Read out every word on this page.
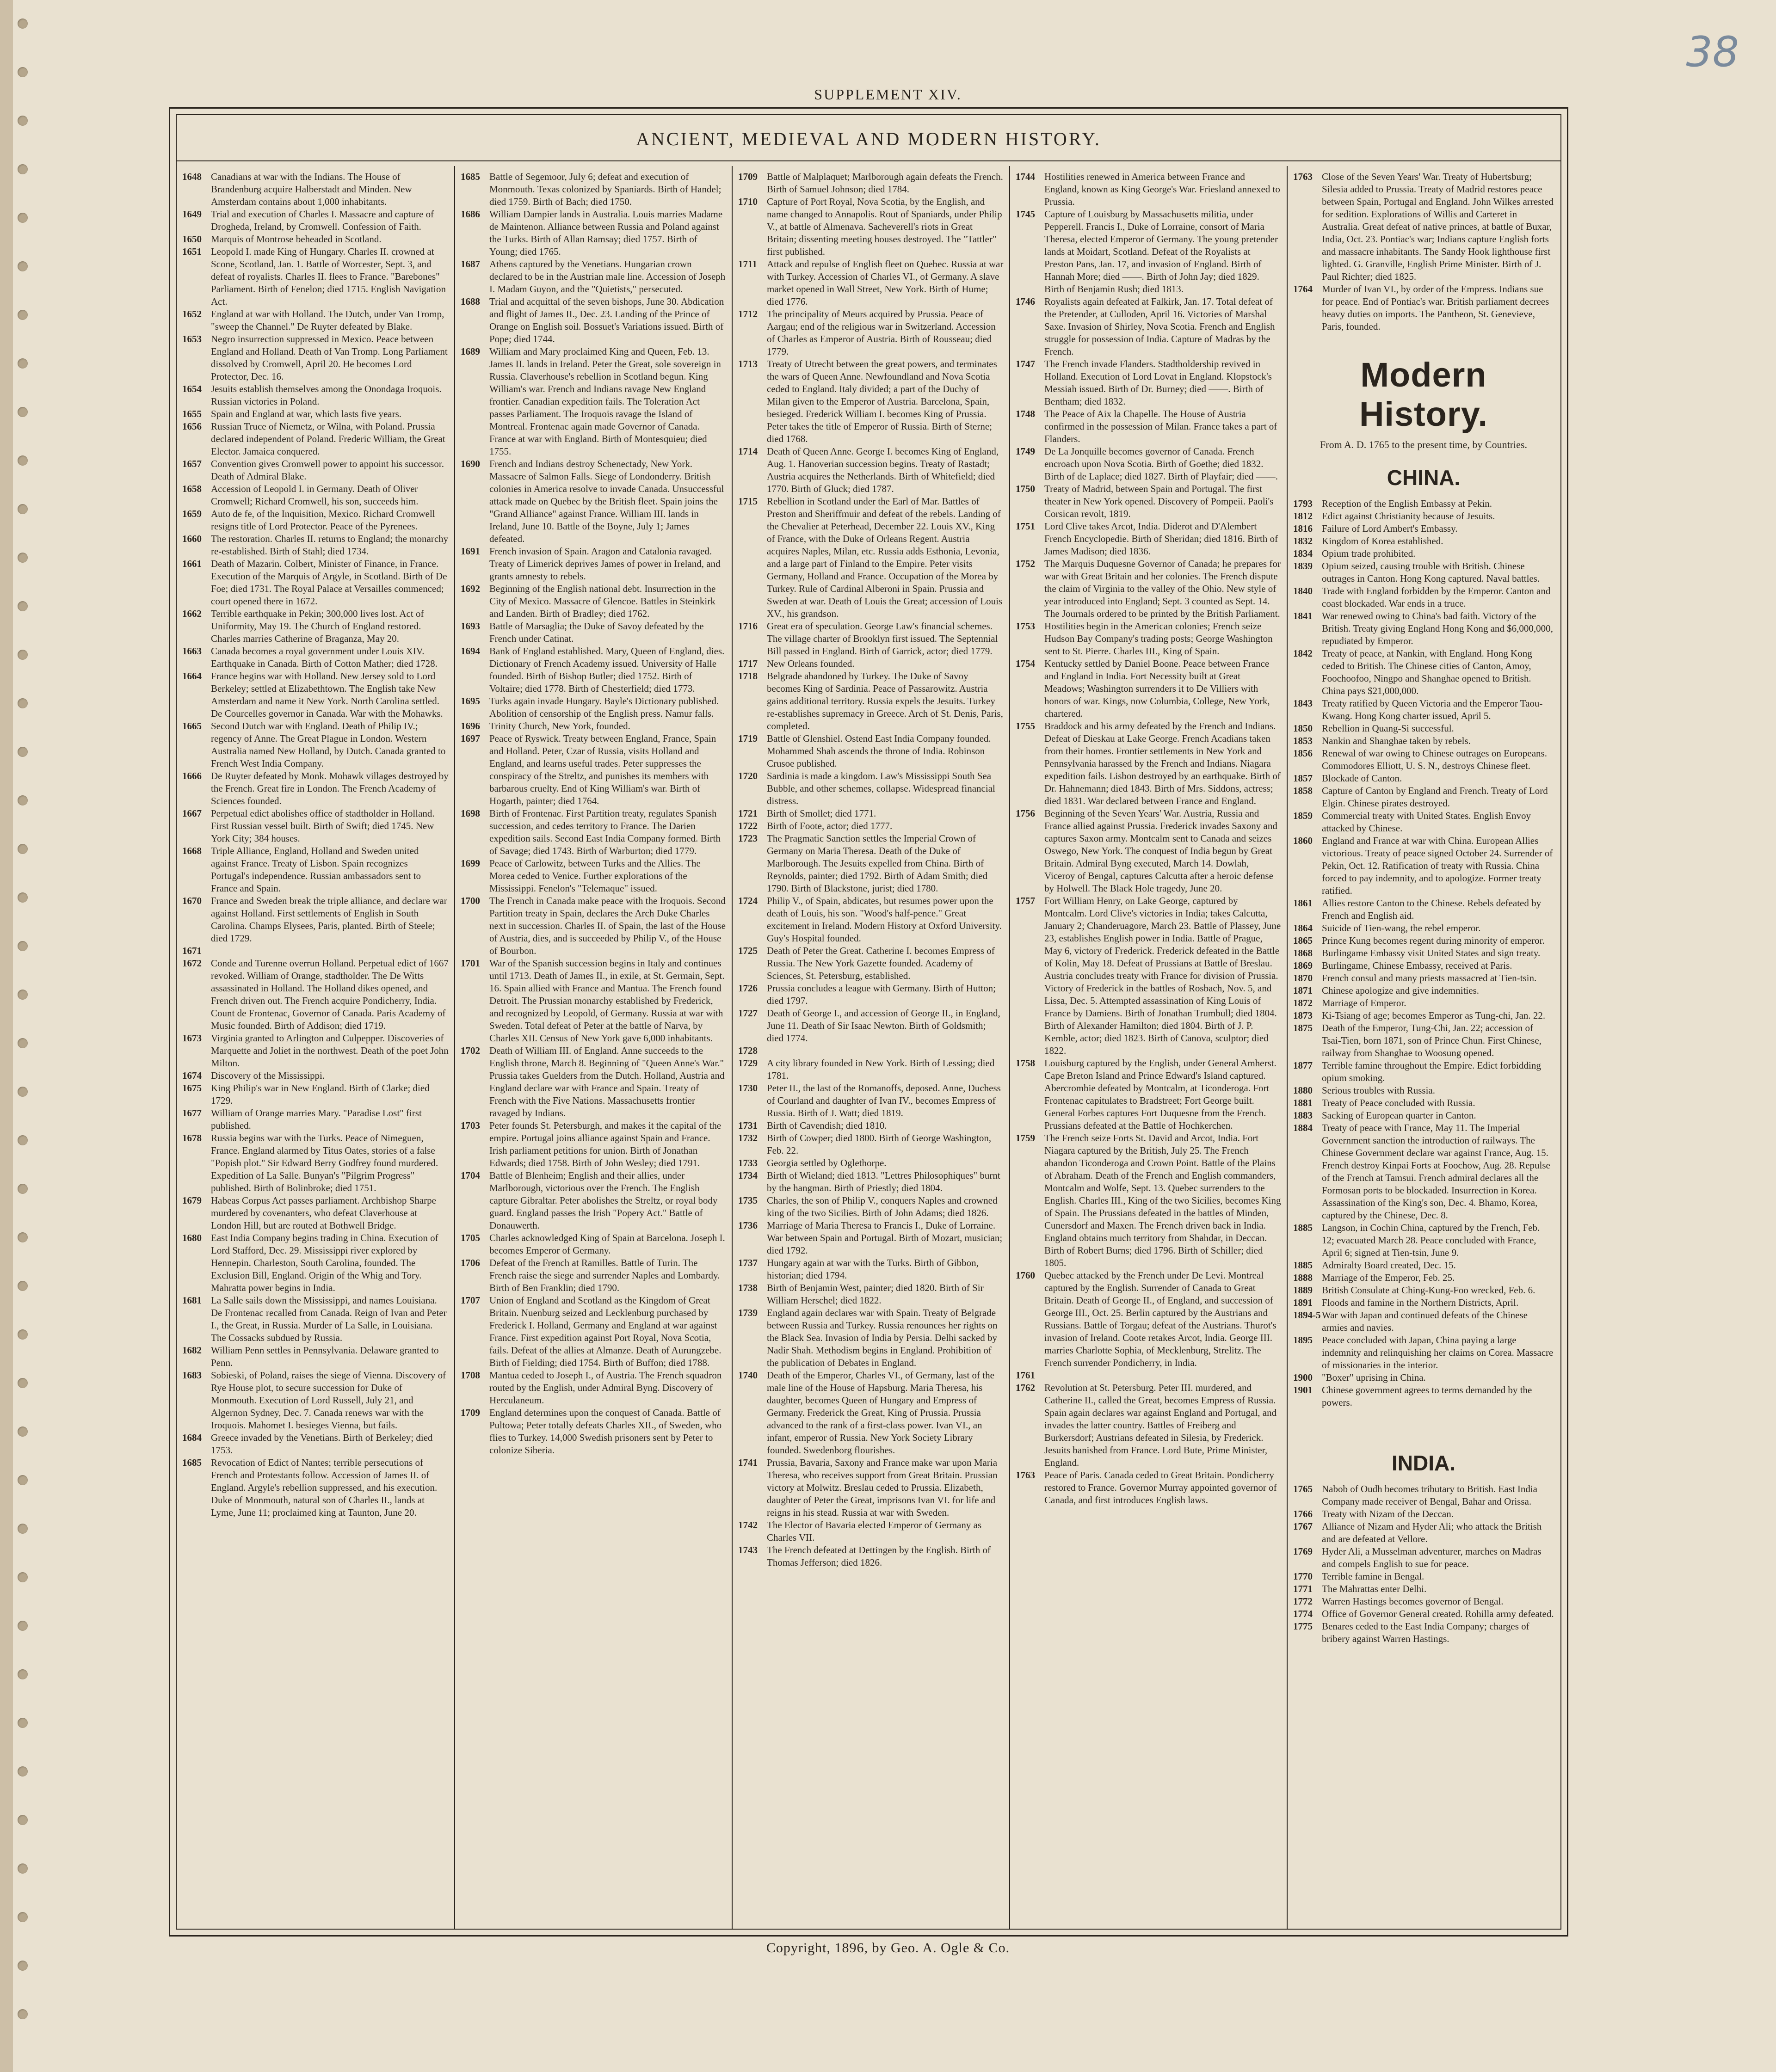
38
SUPPLEMENT XIV.
ANCIENT, MEDIEVAL AND MODERN HISTORY.
1648 Canadians at war with the Indians. The House of Brandenburg acquire Halberstadt and Minden. New Amsterdam contains about 1,000 inhabitants.
1649 Trial and execution of Charles I. Massacre and capture of Drogheda, Ireland, by Cromwell. Confession of Faith.
1650 Marquis of Montrose beheaded in Scotland.
1651 Leopold I. made King of Hungary. Charles II. crowned at Scone, Scotland, Jan. 1. Battle of Worcester, Sept. 3, and defeat of royalists. Charles II. flees to France. "Barebones" Parliament. Birth of Fenelon; died 1715. English Navigation Act.
1652 England at war with Holland. The Dutch, under Van Tromp, "sweep the Channel." De Ruyter defeated by Blake.
1653 Negro insurrection suppressed in Mexico. Peace between England and Holland. Death of Van Tromp. Long Parliament dissolved by Cromwell, April 20. He becomes Lord Protector, Dec. 16.
1654 Jesuits establish themselves among the Onondaga Iroquois. Russian victories in Poland.
1655 Spain and England at war, which lasts five years.
1656 Russian Truce of Niemetz, or Wilna, with Poland. Prussia declared independent of Poland. Frederic William, the Great Elector. Jamaica conquered.
1657 Convention gives Cromwell power to appoint his successor. Death of Admiral Blake.
1658 Accession of Leopold I. in Germany. Death of Oliver Cromwell; Richard Cromwell, his son, succeeds him.
1659 Auto de fe, of the Inquisition, Mexico. Richard Cromwell resigns title of Lord Protector. Peace of the Pyrenees.
1660 The restoration. Charles II. returns to England; the monarchy re-established. Birth of Stahl; died 1734.
1661 Death of Mazarin. Colbert, Minister of Finance, in France. Execution of the Marquis of Argyle, in Scotland. Birth of De Foe; died 1731. The Royal Palace at Versailles commenced; court opened there in 1672.
1662 Terrible earthquake in Pekin; 300,000 lives lost. Act of Uniformity, May 19. The Church of England restored. Charles marries Catherine of Braganza, May 20.
1663 Canada becomes a royal government under Louis XIV. Earthquake in Canada. Birth of Cotton Mather; died 1728.
1664 France begins war with Holland. New Jersey sold to Lord Berkeley; settled at Elizabethtown. The English take New Amsterdam and name it New York. North Carolina settled. De Courcelles governor in Canada. War with the Mohawks.
1665 Second Dutch war with England. Death of Philip IV.; regency of Anne. The Great Plague in London. Western Australia named New Holland, by Dutch. Canada granted to French West India Company.
1666 De Ruyter defeated by Monk. Mohawk villages destroyed by the French. Great fire in London. The French Academy of Sciences founded.
1667 Perpetual edict abolishes office of stadtholder in Holland. First Russian vessel built. Birth of Swift; died 1745. New York City; 384 houses.
1668 Triple Alliance, England, Holland and Sweden united against France. Treaty of Lisbon. Spain recognizes Portugal's independence. Russian ambassadors sent to France and Spain.
1670 France and Sweden break the triple alliance, and declare war against Holland. First settlements of English in South Carolina. Champs Elysees, Paris, planted. Birth of Steele; died 1729.
1671
1672 Conde and Turenne overrun Holland. Perpetual edict of 1667 revoked. William of Orange, stadtholder. The De Witts assassinated in Holland. The Holland dikes opened, and French driven out. The French acquire Pondicherry, India. Count de Frontenac, Governor of Canada. Paris Academy of Music founded. Birth of Addison; died 1719.
1673 Virginia granted to Arlington and Culpepper. Discoveries of Marquette and Joliet in the northwest. Death of the poet John Milton.
1674 Discovery of the Mississippi.
1675 King Philip's war in New England. Birth of Clarke; died 1729.
1677 William of Orange marries Mary. "Paradise Lost" first published.
1678 Russia begins war with the Turks. Peace of Nimeguen, France. England alarmed by Titus Oates, stories of a false "Popish plot." Sir Edward Berry Godfrey found murdered. Expedition of La Salle. Bunyan's "Pilgrim Progress" published. Birth of Bolinbroke; died 1751.
1679 Habeas Corpus Act passes parliament. Archbishop Sharpe murdered by covenanters, who defeat Claverhouse at London Hill, but are routed at Bothwell Bridge.
1680 East India Company begins trading in China. Execution of Lord Stafford, Dec. 29. Mississippi river explored by Hennepin. Charleston, South Carolina, founded. The Exclusion Bill, England. Origin of the Whig and Tory. Mahratta power begins in India.
1681 La Salle sails down the Mississippi, and names Louisiana. De Frontenac recalled from Canada. Reign of Ivan and Peter I., the Great, in Russia. Murder of La Salle, in Louisiana. The Cossacks subdued by Russia.
1682 William Penn settles in Pennsylvania. Delaware granted to Penn.
1683 Sobieski, of Poland, raises the siege of Vienna. Discovery of Rye House plot, to secure succession for Duke of Monmouth. Execution of Lord Russell, July 21, and Algernon Sydney, Dec. 7. Canada renews war with the Iroquois. Mahomet I. besieges Vienna, but fails.
1684 Greece invaded by the Venetians. Birth of Berkeley; died 1753.
1685 Revocation of Edict of Nantes; terrible persecutions of French and Protestants follow. Accession of James II. of England. Argyle's rebellion suppressed, and his execution. Duke of Monmouth, natural son of Charles II., lands at Lyme, June 11; proclaimed king at Taunton, June 20.
1685 Battle of Segemoor, July 6; defeat and execution of Monmouth. Texas colonized by Spaniards. Birth of Handel; died 1759. Birth of Bach; died 1750.
1686 William Dampier lands in Australia. Louis marries Madame de Maintenon. Alliance between Russia and Poland against the Turks. Birth of Allan Ramsay; died 1757. Birth of Young; died 1765.
1687 Athens captured by the Venetians. Hungarian crown declared to be in the Austrian male line. Accession of Joseph I. Madam Guyon, and the "Quietists," persecuted.
1688 Trial and acquittal of the seven bishops, June 30. Abdication and flight of James II., Dec. 23. Landing of the Prince of Orange on English soil. Bossuet's Variations issued. Birth of Pope; died 1744.
1689 William and Mary proclaimed King and Queen, Feb. 13. James II. lands in Ireland. Peter the Great, sole sovereign in Russia. Claverhouse's rebellion in Scotland begun. King William's war. French and Indians ravage New England frontier. Canadian expedition fails. The Toleration Act passes Parliament. The Iroquois ravage the Island of Montreal. Frontenac again made Governor of Canada. France at war with England. Birth of Montesquieu; died 1755.
1690 French and Indians destroy Schenectady, New York. Massacre of Salmon Falls. Siege of Londonderry. British colonies in America resolve to invade Canada. Unsuccessful attack made on Quebec by the British fleet. Spain joins the "Grand Alliance" against France. William III. lands in Ireland, June 10. Battle of the Boyne, July 1; James defeated.
1691 French invasion of Spain. Aragon and Catalonia ravaged. Treaty of Limerick deprives James of power in Ireland, and grants amnesty to rebels.
1692 Beginning of the English national debt. Insurrection in the City of Mexico. Massacre of Glencoe. Battles in Steinkirk and Landen. Birth of Bradley; died 1762.
1693 Battle of Marsaglia; the Duke of Savoy defeated by the French under Catinat.
1694 Bank of England established. Mary, Queen of England, dies. Dictionary of French Academy issued. University of Halle founded. Birth of Bishop Butler; died 1752. Birth of Voltaire; died 1778. Birth of Chesterfield; died 1773.
1695 Turks again invade Hungary. Bayle's Dictionary published. Abolition of censorship of the English press. Namur falls.
1696 Trinity Church, New York, founded.
1697 Peace of Ryswick. Treaty between England, France, Spain and Holland. Peter, Czar of Russia, visits Holland and England, and learns useful trades. Peter suppresses the conspiracy of the Streltz, and punishes its members with barbarous cruelty. End of King William's war. Birth of Hogarth, painter; died 1764.
1698 Birth of Frontenac. First Partition treaty, regulates Spanish succession, and cedes territory to France. The Darien expedition sails. Second East India Company formed. Birth of Savage; died 1743. Birth of Warburton; died 1779.
1699 Peace of Carlowitz, between Turks and the Allies. The Morea ceded to Venice. Further explorations of the Mississippi. Fenelon's "Telemaque" issued.
1700 The French in Canada make peace with the Iroquois. Second Partition treaty in Spain, declares the Arch Duke Charles next in succession. Charles II. of Spain, the last of the House of Austria, dies, and is succeeded by Philip V., of the House of Bourbon.
1701 War of the Spanish succession begins in Italy and continues until 1713. Death of James II., in exile, at St. Germain, Sept. 16. Spain allied with France and Mantua. The French found Detroit. The Prussian monarchy established by Frederick, and recognized by Leopold, of Germany. Russia at war with Sweden. Total defeat of Peter at the battle of Narva, by Charles XII. Census of New York gave 6,000 inhabitants.
1702 Death of William III. of England. Anne succeeds to the English throne, March 8. Beginning of "Queen Anne's War." Prussia takes Guelders from the Dutch. Holland, Austria and England declare war with France and Spain. Treaty of French with the Five Nations. Massachusetts frontier ravaged by Indians.
1703 Peter founds St. Petersburgh, and makes it the capital of the empire. Portugal joins alliance against Spain and France. Irish parliament petitions for union. Birth of Jonathan Edwards; died 1758. Birth of John Wesley; died 1791.
1704 Battle of Blenheim; English and their allies, under Marlborough, victorious over the French. The English capture Gibraltar. Peter abolishes the Streltz, or royal body guard. England passes the Irish "Popery Act." Battle of Donauwerth.
1705 Charles acknowledged King of Spain at Barcelona. Joseph I. becomes Emperor of Germany.
1706 Defeat of the French at Ramilles. Battle of Turin. The French raise the siege and surrender Naples and Lombardy. Birth of Ben Franklin; died 1790.
1707 Union of England and Scotland as the Kingdom of Great Britain. Nuenburg seized and Lecklenburg purchased by Frederick I. Holland, Germany and England at war against France. First expedition against Port Royal, Nova Scotia, fails. Defeat of the allies at Almanze. Death of Aurungzebe. Birth of Fielding; died 1754. Birth of Buffon; died 1788.
1708 Mantua ceded to Joseph I., of Austria. The French squadron routed by the English, under Admiral Byng. Discovery of Herculaneum.
1709 England determines upon the conquest of Canada. Battle of Pultowa; Peter totally defeats Charles XII., of Sweden, who flies to Turkey. 14,000 Swedish prisoners sent by Peter to colonize Siberia.
1709 Battle of Malplaquet; Marlborough again defeats the French. Birth of Samuel Johnson; died 1784.
1710 Capture of Port Royal, Nova Scotia, by the English, and name changed to Annapolis. Rout of Spaniards, under Philip V., at battle of Almenava. Sacheverell's riots in Great Britain; dissenting meeting houses destroyed. The "Tattler" first published.
1711	Attack and repulse of English fleet on Quebec. Russia at war with Turkey. Accession of Charles VI., of Germany. A slave market opened in Wall Street, New York. Birth of Hume; died 1776.
1712 The principality of Meurs acquired by Prussia. Peace of Aargau; end of the religious war in Switzerland. Accession of Charles as Emperor of Austria. Birth of Rousseau; died 1779.
1713 Treaty of Utrecht between the great powers, and terminates the wars of Queen Anne. Newfoundland and Nova Scotia ceded to England. Italy divided; a part of the Duchy of Milan given to the Emperor of Austria. Barcelona, Spain, besieged. Frederick William I. becomes King of Prussia. Peter takes the title of Emperor of Russia. Birth of Sterne; died 1768.
1714 Death of Queen Anne. George I. becomes King of England, Aug. 1. Hanoverian succession begins. Treaty of Rastadt; Austria acquires the Netherlands. Birth of Whitefield; died 1770. Birth of Gluck; died 1787.
1715 Rebellion in Scotland under the Earl of Mar. Battles of Preston and Sheriffmuir and defeat of the rebels. Landing of the Chevalier at Peterhead, December 22. Louis XV., King of France, with the Duke of Orleans Regent. Austria acquires Naples, Milan, etc. Russia adds Esthonia, Levonia, and a large part of Finland to the Empire. Peter visits Germany, Holland and France. Occupation of the Morea by Turkey. Rule of Cardinal Alberoni in Spain. Prussia and Sweden at war. Death of Louis the Great; accession of Louis XV., his grandson.
1716 Great era of speculation. George Law's financial schemes. The village charter of Brooklyn first issued. The Septennial Bill passed in England. Birth of Garrick, actor; died 1779.
1717 New Orleans founded.
1718 Belgrade abandoned by Turkey. The Duke of Savoy becomes King of Sardinia. Peace of Passarowitz. Austria gains additional territory. Russia expels the Jesuits. Turkey re-establishes supremacy in Greece. Arch of St. Denis, Paris, completed.
1719 Battle of Glenshiel. Ostend East India Company founded. Mohammed Shah ascends the throne of India. Robinson Crusoe published.
1720 Sardinia is made a kingdom. Law's Mississippi South Sea Bubble, and other schemes, collapse. Widespread financial distress.
1721 Birth of Smollet; died 1771.
1722 Birth of Foote, actor; died 1777.
1723 The Pragmatic Sanction settles the Imperial Crown of Germany on Maria Theresa. Death of the Duke of Marlborough. The Jesuits expelled from China. Birth of Reynolds, painter; died 1792. Birth of Adam Smith; died 1790. Birth of Blackstone, jurist; died 1780.
1724 Philip V., of Spain, abdicates, but resumes power upon the death of Louis, his son. "Wood's half-pence." Great excitement in Ireland. Modern History at Oxford University. Guy's Hospital founded.
1725 Death of Peter the Great. Catherine I. becomes Empress of Russia. The New York Gazette founded. Academy of Sciences, St. Petersburg, established.
1726 Prussia concludes a league with Germany. Birth of Hutton; died 1797.
1727 Death of George I., and accession of George II., in England, June 11. Death of Sir Isaac Newton. Birth of Goldsmith; died 1774.
1728
1729 A city library founded in New York. Birth of Lessing; died 1781.
1730 Peter II., the last of the Romanoffs, deposed. Anne, Duchess of Courland and daughter of Ivan IV., becomes Empress of Russia. Birth of J. Watt; died 1819.
1731 Birth of Cavendish; died 1810.
1732 Birth of Cowper; died 1800. Birth of George Washington, Feb. 22.
1733 Georgia settled by Oglethorpe.
1734 Birth of Wieland; died 1813. "Lettres Philosophiques" burnt by the hangman. Birth of Priestly; died 1804.
1735 Charles, the son of Philip V., conquers Naples and crowned king of the two Sicilies. Birth of John Adams; died 1826.
1736 Marriage of Maria Theresa to Francis I., Duke of Lorraine. War between Spain and Portugal. Birth of Mozart, musician; died 1792.
1737 Hungary again at war with the Turks. Birth of Gibbon, historian; died 1794.
1738 Birth of Benjamin West, painter; died 1820. Birth of Sir William Herschel; died 1822.
1739 England again declares war with Spain. Treaty of Belgrade between Russia and Turkey. Russia renounces her rights on the Black Sea. Invasion of India by Persia. Delhi sacked by Nadir Shah. Methodism begins in England. Prohibition of the publication of Debates in England.
1740 Death of the Emperor, Charles VI., of Germany, last of the male line of the House of Hapsburg. Maria Theresa, his daughter, becomes Queen of Hungary and Empress of Germany. Frederick the Great, King of Prussia. Prussia advanced to the rank of a first-class power. Ivan VI., an infant, emperor of Russia. New York Society Library founded. Swedenborg flourishes.
1741 Prussia, Bavaria, Saxony and France make war upon Maria Theresa, who receives support from Great Britain. Prussian victory at Molwitz. Breslau ceded to Prussia. Elizabeth, daughter of Peter the Great, imprisons Ivan VI. for life and reigns in his stead. Russia at war with Sweden.
1742 The Elector of Bavaria elected Emperor of Germany as Charles VII.
1743 The French defeated at Dettingen by the English. Birth of Thomas Jefferson; died 1826.
1744 Hostilities renewed in America between France and England, known as King George's War. Friesland annexed to Prussia.
1745 Capture of Louisburg by Massachusetts militia, under Pepperell. Francis I., Duke of Lorraine, consort of Maria Theresa, elected Emperor of Germany. The young pretender lands at Moidart, Scotland. Defeat of the Royalists at Preston Pans, Jan. 17, and invasion of England. Birth of Hannah More; died ——. Birth of John Jay; died 1829. Birth of Benjamin Rush; died 1813.
1746 Royalists again defeated at Falkirk, Jan. 17. Total defeat of the Pretender, at Culloden, April 16. Victories of Marshal Saxe. Invasion of Shirley, Nova Scotia. French and English struggle for possession of India. Capture of Madras by the French.
1747 The French invade Flanders. Stadtholdership revived in Holland. Execution of Lord Lovat in England. Klopstock's Messiah issued. Birth of Dr. Burney; died ——. Birth of Bentham; died 1832.
1748 The Peace of Aix la Chapelle. The House of Austria confirmed in the possession of Milan. France takes a part of Flanders.
1749 De La Jonquille becomes governor of Canada. French encroach upon Nova Scotia. Birth of Goethe; died 1832. Birth of de Laplace; died 1827. Birth of Playfair; died ——.
1750 Treaty of Madrid, between Spain and Portugal. The first theater in New York opened. Discovery of Pompeii. Paoli's Corsican revolt, 1819.
1751 Lord Clive takes Arcot, India. Diderot and D'Alembert French Encyclopedie. Birth of Sheridan; died 1816. Birth of James Madison; died 1836.
1752 The Marquis Duquesne Governor of Canada; he prepares for war with Great Britain and her colonies. The French dispute the claim of Virginia to the valley of the Ohio. New style of year introduced into England; Sept. 3 counted as Sept. 14. The Journals ordered to be printed by the British Parliament.
1753 Hostilities begin in the American colonies; French seize Hudson Bay Company's trading posts; George Washington sent to St. Pierre. Charles III., King of Spain.
1754 Kentucky settled by Daniel Boone. Peace between France and England in India. Fort Necessity built at Great Meadows; Washington surrenders it to De Villiers with honors of war. Kings, now Columbia, College, New York, chartered.
1755 Braddock and his army defeated by the French and Indians. Defeat of Dieskau at Lake George. French Acadians taken from their homes. Frontier settlements in New York and Pennsylvania harassed by the French and Indians. Niagara expedition fails. Lisbon destroyed by an earthquake. Birth of Dr. Hahnemann; died 1843. Birth of Mrs. Siddons, actress; died 1831. War declared between France and England.
1756 Beginning of the Seven Years' War. Austria, Russia and France allied against Prussia. Frederick invades Saxony and captures Saxon army. Montcalm sent to Canada and seizes Oswego, New York. The conquest of India begun by Great Britain. Admiral Byng executed, March 14. Dowlah, Viceroy of Bengal, captures Calcutta after a heroic defense by Holwell. The Black Hole tragedy, June 20.
1757 Fort William Henry, on Lake George, captured by Montcalm. Lord Clive's victories in India; takes Calcutta, January 2; Chanderuagore, March 23. Battle of Plassey, June 23, establishes English power in India. Battle of Prague, May 6, victory of Frederick. Frederick defeated in the Battle of Kolin, May 18. Defeat of Prussians at Battle of Breslau. Austria concludes treaty with France for division of Prussia. Victory of Frederick in the battles of Rosbach, Nov. 5, and Lissa, Dec. 5. Attempted assassination of King Louis of France by Damiens. Birth of Jonathan Trumbull; died 1804. Birth of Alexander Hamilton; died 1804. Birth of J. P. Kemble, actor; died 1823. Birth of Canova, sculptor; died 1822.
1758 Louisburg captured by the English, under General Amherst. Cape Breton Island and Prince Edward's Island captured. Abercrombie defeated by Montcalm, at Ticonderoga. Fort Frontenac capitulates to Bradstreet; Fort George built. General Forbes captures Fort Duquesne from the French. Prussians defeated at the Battle of Hochkerchen.
1759 The French seize Forts St. David and Arcot, India. Fort Niagara captured by the British, July 25. The French abandon Ticonderoga and Crown Point. Battle of the Plains of Abraham. Death of the French and English commanders, Montcalm and Wolfe, Sept. 13. Quebec surrenders to the English. Charles III., King of the two Sicilies, becomes King of Spain. The Prussians defeated in the battles of Minden, Cunersdorf and Maxen. The French driven back in India. England obtains much territory from Shahdar, in Deccan. Birth of Robert Burns; died 1796. Birth of Schiller; died 1805.
1760 Quebec attacked by the French under De Levi. Montreal captured by the English. Surrender of Canada to Great Britain. Death of George II., of England, and succession of George III., Oct. 25. Berlin captured by the Austrians and Russians. Battle of Torgau; defeat of the Austrians. Thurot's invasion of Ireland. Coote retakes Arcot, India. George III. marries Charlotte Sophia, of Mecklenburg, Strelitz. The French surrender Pondicherry, in India.
1761
1762 Revolution at St. Petersburg. Peter III. murdered, and Catherine II., called the Great, becomes Empress of Russia. Spain again declares war against England and Portugal, and invades the latter country. Battles of Freiberg and Burkersdorf; Austrians defeated in Silesia, by Frederick. Jesuits banished from France. Lord Bute, Prime Minister, England.
1763 Peace of Paris. Canada ceded to Great Britain. Pondicherry restored to France. Governor Murray appointed governor of Canada, and first introduces English laws.
1763 Close of the Seven Years' War. Treaty of Hubertsburg; Silesia added to Prussia. Treaty of Madrid restores peace between Spain, Portugal and England. John Wilkes arrested for sedition. Explorations of Willis and Carteret in Australia. Great defeat of native princes, at battle of Buxar, India, Oct. 23. Pontiac's war; Indians capture English forts and massacre inhabitants. The Sandy Hook lighthouse first lighted. G. Granville, English Prime Minister. Birth of J. Paul Richter; died 1825.
1764 Murder of Ivan VI., by order of the Empress. Indians sue for peace. End of Pontiac's war. British parliament decrees heavy duties on imports. The Pantheon, St. Genevieve, Paris, founded.
Modern History.
From A. D. 1765 to the present time, by Countries.
CHINA.
1793 Reception of the English Embassy at Pekin.
1812 Edict against Christianity because of Jesuits.
1816 Failure of Lord Ambert's Embassy.
1832 Kingdom of Korea established.
1834 Opium trade prohibited.
1839 Opium seized, causing trouble with British. Chinese outrages in Canton. Hong Kong captured. Naval battles.
1840 Trade with England forbidden by the Emperor. Canton and coast blockaded. War ends in a truce.
1841 War renewed owing to China's bad faith. Victory of the British. Treaty giving England Hong Kong and $6,000,000, repudiated by Emperor.
1842 Treaty of peace, at Nankin, with England. Hong Kong ceded to British. The Chinese cities of Canton, Amoy, Foochoofoo, Ningpo and Shanghae opened to British. China pays $21,000,000.
1843 Treaty ratified by Queen Victoria and the Emperor Taou-Kwang. Hong Kong charter issued, April 5.
1850 Rebellion in Quang-Si successful.
1853 Nankin and Shanghae taken by rebels.
1856 Renewal of war owing to Chinese outrages on Europeans. Commodores Elliott, U. S. N., destroys Chinese fleet.
1857 Blockade of Canton.
1858 Capture of Canton by England and French. Treaty of Lord Elgin. Chinese pirates destroyed.
1859 Commercial treaty with United States. English Envoy attacked by Chinese.
1860 England and France at war with China. European Allies victorious. Treaty of peace signed October 24. Surrender of Pekin, Oct. 12. Ratification of treaty with Russia. China forced to pay indemnity, and to apologize. Former treaty ratified.
1861 Allies restore Canton to the Chinese. Rebels defeated by French and English aid.
1864 Suicide of Tien-wang, the rebel emperor.
1865 Prince Kung becomes regent during minority of emperor.
1868 Burlingame Embassy visit United States and sign treaty.
1869 Burlingame, Chinese Embassy, received at Paris.
1870 French consul and many priests massacred at Tien-tsin.
1871 Chinese apologize and give indemnities.
1872 Marriage of Emperor.
1873 Ki-Tsiang of age; becomes Emperor as Tung-chi, Jan. 22.
1875 Death of the Emperor, Tung-Chi, Jan. 22; accession of Tsai-Tien, born 1871, son of Prince Chun. First Chinese, railway from Shanghae to Woosung opened.
1877 Terrible famine throughout the Empire. Edict forbidding opium smoking.
1880 Serious troubles with Russia.
1881 Treaty of Peace concluded with Russia.
1883 Sacking of European quarter in Canton.
1884 Treaty of peace with France, May 11. The Imperial Government sanction the introduction of railways. The Chinese Government declare war against France, Aug. 15. French destroy Kinpai Forts at Foochow, Aug. 28. Repulse of the French at Tamsui. French admiral declares all the Formosan ports to be blockaded. Insurrection in Korea. Assassination of the King's son, Dec. 4. Bhamo, Korea, captured by the Chinese, Dec. 8.
1885 Langson, in Cochin China, captured by the French, Feb. 12; evacuated March 28. Peace concluded with France, April 6; signed at Tien-tsin, June 9.
1885 Admiralty Board created, Dec. 15.
1888 Marriage of the Emperor, Feb. 25.
1889 British Consulate at Ching-Kung-Foo wrecked, Feb. 6.
1891 Floods and famine in the Northern Districts, April.
1894-5 War with Japan and continued defeats of the Chinese armies and navies.
1895 Peace concluded with Japan, China paying a large indemnity and relinquishing her claims on Corea. Massacre of missionaries in the interior.
1900 "Boxer" uprising in China.
1901 Chinese government agrees to terms demanded by the powers.
INDIA.
1765 Nabob of Oudh becomes tributary to British. East India Company made receiver of Bengal, Bahar and Orissa.
1766 Treaty with Nizam of the Deccan.
1767 Alliance of Nizam and Hyder Ali; who attack the British and are defeated at Vellore.
1769 Hyder Ali, a Musselman adventurer, marches on Madras and compels English to sue for peace.
1770 Terrible famine in Bengal.
1771 The Mahrattas enter Delhi.
1772 Warren Hastings becomes governor of Bengal.
1774 Office of Governor General created. Rohilla army defeated.
1775 Benares ceded to the East India Company; charges of bribery against Warren Hastings.
Copyright, 1896, by Geo. A. Ogle & Co.
